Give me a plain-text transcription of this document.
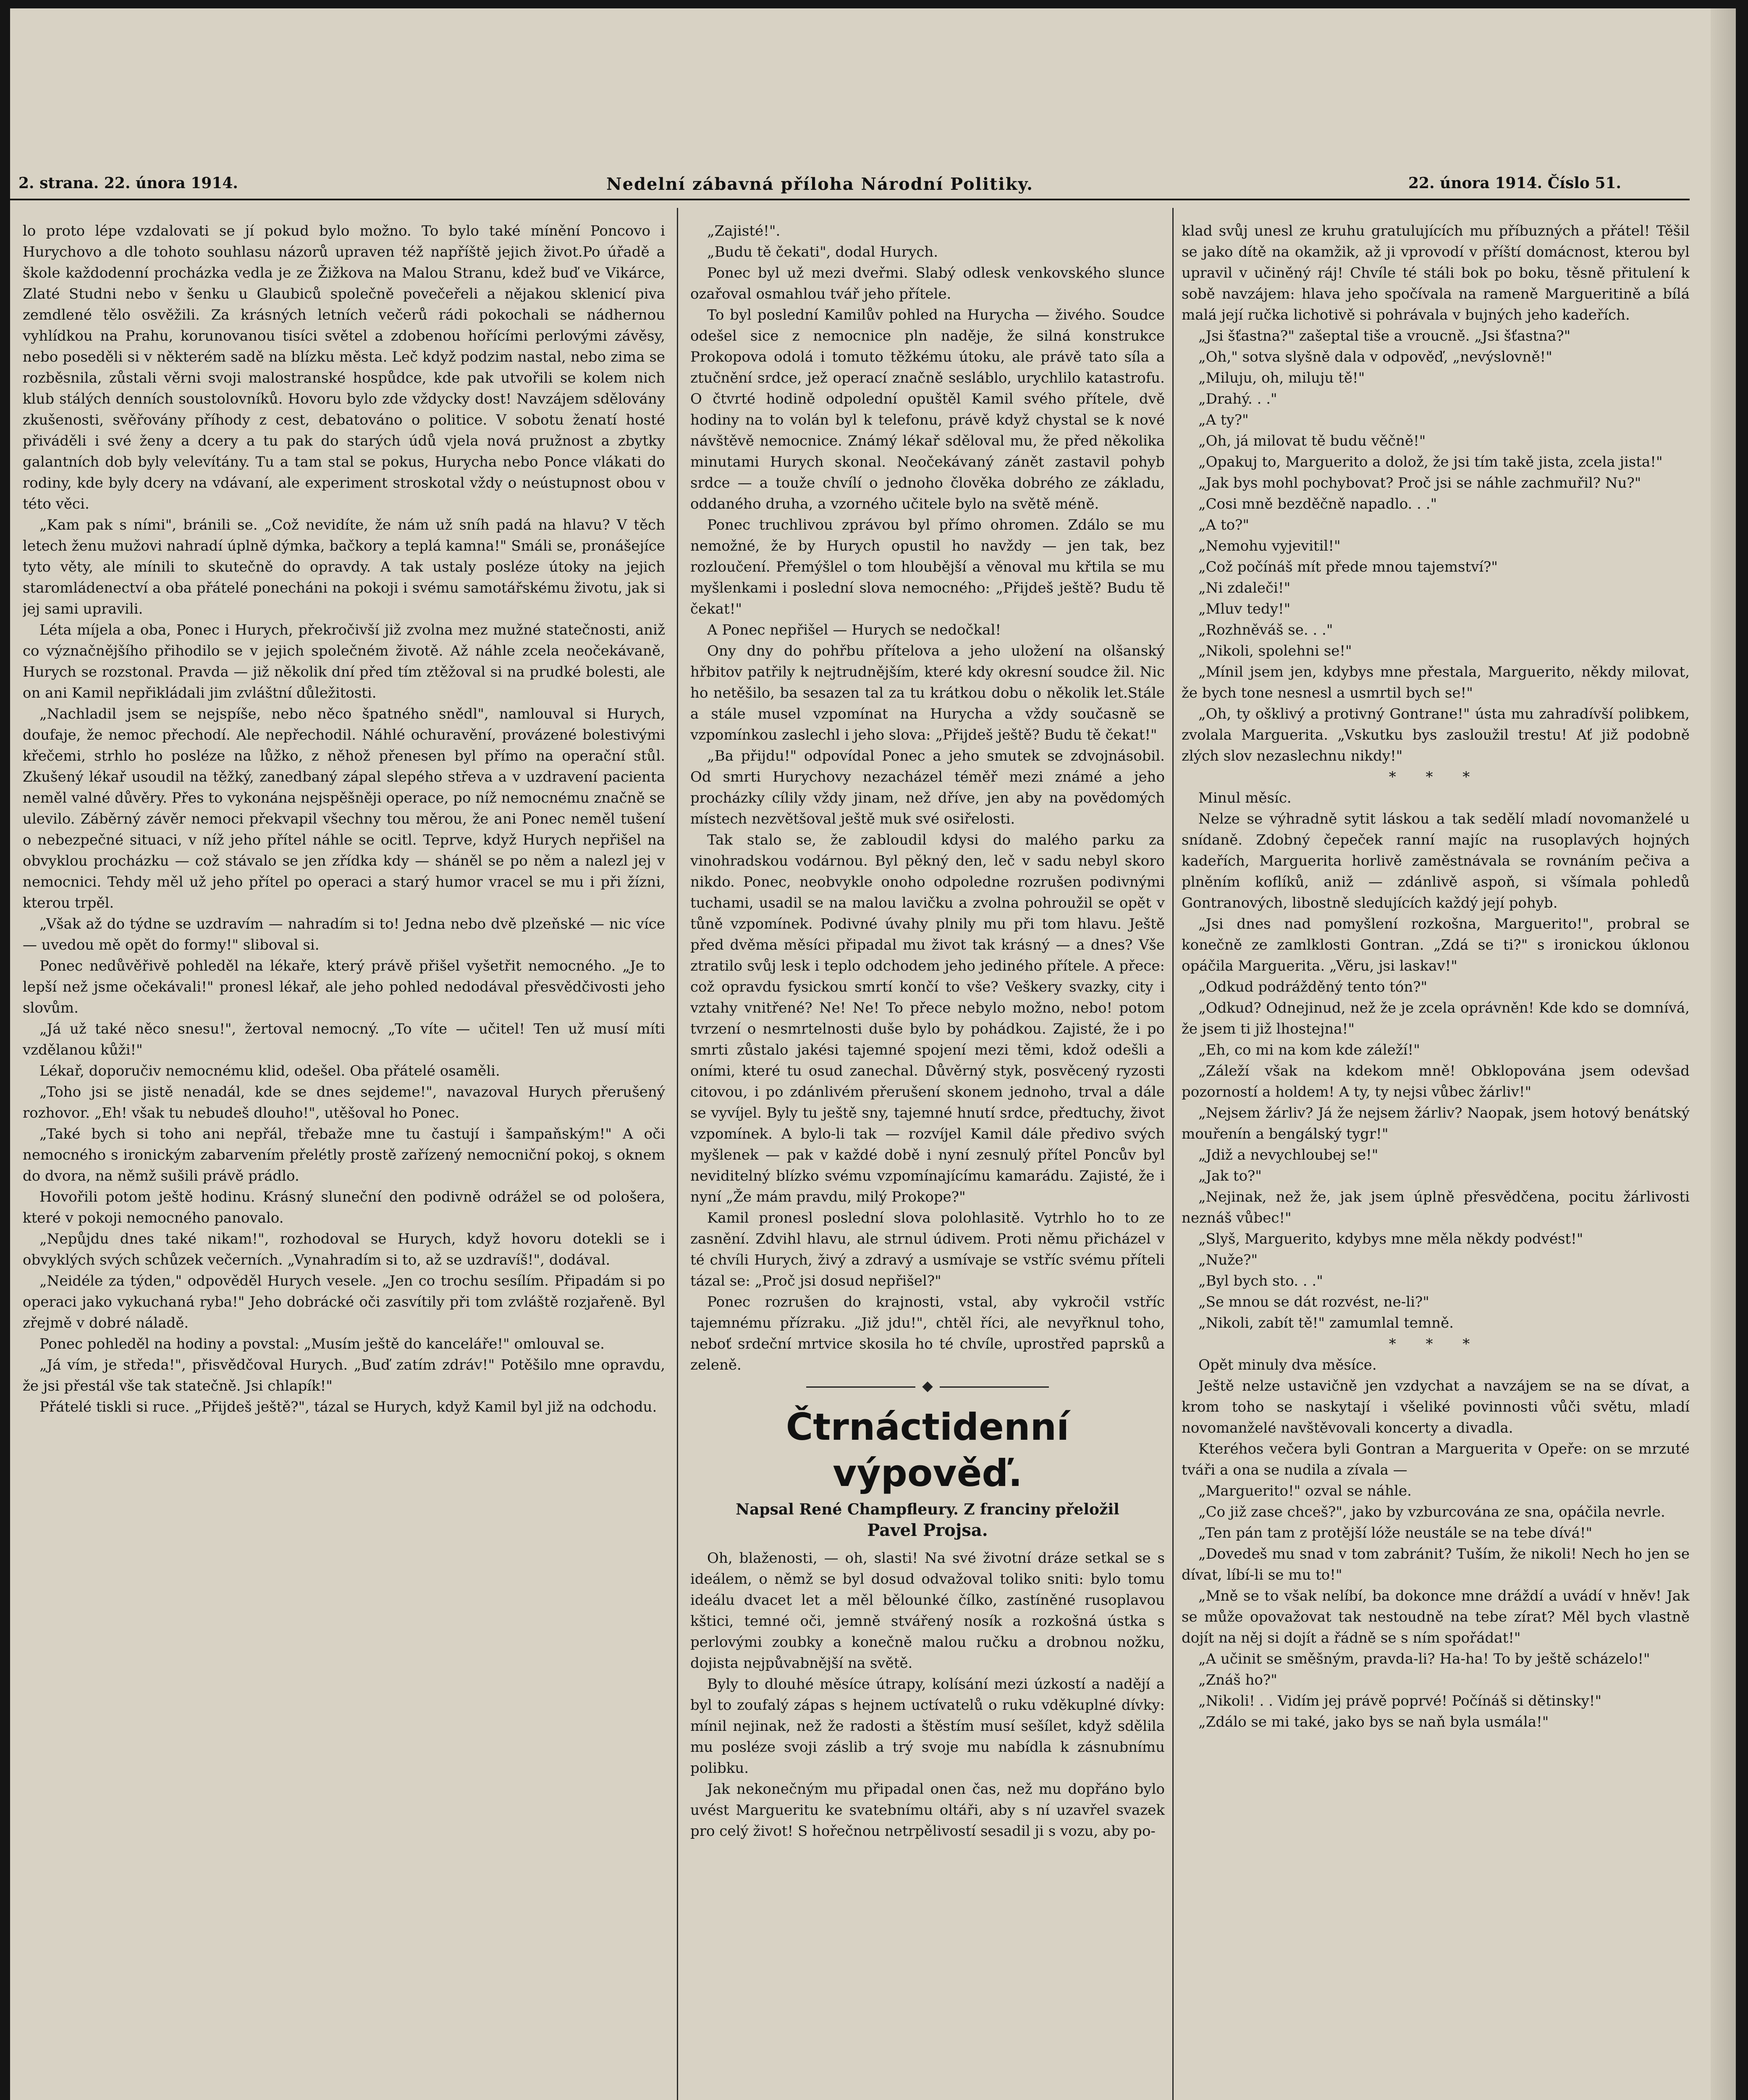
2. strana. 22. února 1914.	Nedelní zábavná příloha Národní Politiky.	22. února 1914. Číslo 51.

lo proto lépe vzdalovati se jí pokud bylo možno. To bylo také mínění Poncovo i Hurychovo a dle tohoto souhlasu názorů upraven též napříště jejich život.Po úřadě a škole každodenní procházka vedla je ze Žižkova na Malou Stranu, kdež buď ve Vikárce, Zlaté Studni nebo v šenku u Glaubiců společně povečeřeli a nějakou sklenicí piva zemdlené tělo osvěžili. Za krásných letních večerů rádi pokochali se nádhernou vyhlídkou na Prahu, korunovanou tisíci světel a zdobenou hořícími perlovými závěsy, nebo poseděli si v některém sadě na blízku města. Leč když podzim nastal, nebo zima se rozběsnila, zůstali věrni svoji malostranské hospůdce, kde pak utvořili se kolem nich klub stálých denních soustolovníků. Hovoru bylo zde vždycky dost! Navzájem sdělovány zkušenosti, svěřovány příhody z cest, debatováno o politice. V sobotu ženatí hosté přiváděli i své ženy a dcery a tu pak do starých údů vjela nová pružnost a zbytky galantních dob byly velevítány. Tu a tam stal se pokus, Hurycha nebo Ponce vlákati do rodiny, kde byly dcery na vdávaní, ale experiment stroskotal vždy o neústupnost obou v této věci.

„Kam pak s ními", bránili se. „Což nevidíte, že nám už sníh padá na hlavu? V těch letech ženu mužovi nahradí úplně dýmka, bačkory a teplá kamna!" Smáli se, pronášejíce tyto věty, ale mínili to skutečně do opravdy. A tak ustaly posléze útoky na jejich staromládenectví a oba přátelé ponecháni na pokoji i svému samotářskému životu, jak si jej sami upravili.

Léta míjela a oba, Ponec i Hurych, překročivší již zvolna mez mužné statečnosti, aniž co význačnějšího přihodilo se v jejich společném životě. Až náhle zcela neočekávaně, Hurych se rozstonal. Pravda — již několik dní před tím ztěžoval si na prudké bolesti, ale on ani Kamil nepřikládali jim zvláštní důležitosti.

„Nachladil jsem se nejspíše, nebo něco špatného snědl", namlouval si Hurych, doufaje, že nemoc přechodí. Ale nepřechodil. Náhlé ochuravění, provázené bolestivými křečemi, strhlo ho posléze na lůžko, z něhož přenesen byl přímo na operační stůl. Zkušený lékař usoudil na těžký, zanedbaný zápal slepého střeva a v uzdravení pacienta neměl valné důvěry. Přes to vykonána nejspěšněji operace, po níž nemocnému značně se ulevilo. Záběrný závěr nemoci překvapil všechny tou měrou, že ani Ponec neměl tušení o nebezpečné situaci, v níž jeho přítel náhle se ocitl. Teprve, když Hurych nepřišel na obvyklou procházku — což stávalo se jen zřídka kdy — sháněl se po něm a nalezl jej v nemocnici. Tehdy měl už jeho přítel po operaci a starý humor vracel se mu i při žízni, kterou trpěl.

„Však až do týdne se uzdravím — nahradím si to! Jedna nebo dvě plzeňské — nic více — uvedou mě opět do formy!" sliboval si.

Ponec nedůvěřivě pohleděl na lékaře, který právě přišel vyšetřit nemocného. „Je to lepší než jsme očekávali!" pronesl lékař, ale jeho pohled nedodával přesvědčivosti jeho slovům.

„Já už také něco snesu!", žertoval nemocný. „To víte — učitel! Ten už musí míti vzdělanou kůži!"

Lékař, doporučiv nemocnému klid, odešel. Oba přátelé osaměli.

„Toho jsi se jistě nenadál, kde se dnes sejdeme!", navazoval Hurych přerušený rozhovor. „Eh! však tu nebudeš dlouho!", utěšoval ho Ponec.

„Také bych si toho ani nepřál, třebaže mne tu častují i šampaňským!" A oči nemocného s ironickým zabarvením přelétly prostě zařízený nemocniční pokoj, s oknem do dvora, na němž sušili právě prádlo.

Hovořili potom ještě hodinu. Krásný sluneční den podivně odrážel se od pološera, které v pokoji nemocného panovalo.

„Nepůjdu dnes také nikam!", rozhodoval se Hurych, když hovoru dotekli se i obvyklých svých schůzek večerních. „Vynahradím si to, až se uzdravíš!", dodával.

„Neidéle za týden," odpověděl Hurych vesele. „Jen co trochu sesílím. Připadám si po operaci jako vykuchaná ryba!" Jeho dobrácké oči zasvítily při tom zvláště rozjařeně. Byl zřejmě v dobré náladě.

Ponec pohleděl na hodiny a povstal: „Musím ještě do kanceláře!" omlouval se.

„Já vím, je středa!", přisvědčoval Hurych. „Buď zatím zdráv!" Potěšilo mne opravdu, že jsi přestál vše tak statečně. Jsi chlapík!"

Přátelé tiskli si ruce. „Přijdeš ještě?", tázal se Hurych, když Kamil byl již na odchodu.

„Zajisté!".

„Budu tě čekati", dodal Hurych.

Ponec byl už mezi dveřmi. Slabý odlesk venkovského slunce ozařoval osmahlou tvář jeho přítele.

To byl poslední Kamilův pohled na Hurycha — živého. Soudce odešel sice z nemocnice pln naděje, že silná konstrukce Prokopova odolá i tomuto těžkému útoku, ale právě tato síla a ztučnění srdce, jež operací značně sesláblo, urychlilo katastrofu. O čtvrté hodině odpolední opuštěl Kamil svého přítele, dvě hodiny na to volán byl k telefonu, právě když chystal se k nové návštěvě nemocnice. Známý lékař sděloval mu, že před několika minutami Hurych skonal. Neočekávaný zánět zastavil pohyb srdce — a touže chvílí o jednoho člověka dobrého ze základu, oddaného druha, a vzorného učitele bylo na světě méně.

Ponec truchlivou zprávou byl přímo ohromen. Zdálo se mu nemožné, že by Hurych opustil ho navždy — jen tak, bez rozloučení. Přemýšlel o tom hloubější a věnoval mu křtila se mu myšlenkami i poslední slova nemocného: „Přijdeš ještě? Budu tě čekat!"

A Ponec nepřišel — Hurych se nedočkal!

Ony dny do pohřbu přítelova a jeho uložení na olšanský hřbitov patřily k nejtrudnějším, které kdy okresní soudce žil. Nic ho netěšilo, ba sesazen tal za tu krátkou dobu o několik let.Stále a stále musel vzpomínat na Hurycha a vždy současně se vzpomínkou zaslechl i jeho slova: „Přijdeš ještě? Budu tě čekat!"

„Ba přijdu!" odpovídal Ponec a jeho smutek se zdvojnásobil. Od smrti Hurychovy nezacházel téměř mezi známé a jeho procházky cílily vždy jinam, než dříve, jen aby na povědomých místech nezvětšoval ještě muk své osiřelosti.

Tak stalo se, že zabloudil kdysi do malého parku za vinohradskou vodárnou. Byl pěkný den, leč v sadu nebyl skoro nikdo. Ponec, neobvykle onoho odpoledne rozrušen podivnými tuchami, usadil se na malou lavičku a zvolna pohroužil se opět v tůně vzpomínek. Podivné úvahy plnily mu při tom hlavu. Ještě před dvěma měsíci připadal mu život tak krásný — a dnes? Vše ztratilo svůj lesk i teplo odchodem jeho jediného přítele. A přece: což opravdu fysickou smrtí končí to vše? Veškery svazky, city i vztahy vnitřené? Ne! Ne! To přece nebylo možno, nebo! potom tvrzení o nesmrtelnosti duše bylo by pohádkou. Zajisté, že i po smrti zůstalo jakési tajemné spojení mezi těmi, kdož odešli a oními, které tu osud zanechal. Důvěrný styk, posvěcený ryzosti citovou, i po zdánlivém přerušení skonem jednoho, trval a dále se vyvíjel. Byly tu ještě sny, tajemné hnutí srdce, předtuchy, život vzpomínek. A bylo-li tak — rozvíjel Kamil dále předivo svých myšlenek — pak v každé době i nyní zesnulý přítel Poncův byl neviditelný blízko svému vzpomínajícímu kamarádu. Zajisté, že i nyní „Že mám pravdu, milý Prokope?"

Kamil pronesl poslední slova polohlasitě. Vytrhlo ho to ze zasnění. Zdvihl hlavu, ale strnul údivem. Proti němu přicházel v té chvíli Hurych, živý a zdravý a usmívaje se vstříc svému příteli tázal se: „Proč jsi dosud nepřišel?"

Ponec rozrušen do krajnosti, vstal, aby vykročil vstříc tajemnému přízraku. „Již jdu!", chtěl říci, ale nevyřknul toho, neboť srdeční mrtvice skosila ho té chvíle, uprostřed paprsků a zeleně.

Čtrnáctidenní výpověď.

Napsal René Champfleury. Z franciny přeložil

Pavel Projsa.

Oh, blaženosti, — oh, slasti! Na své životní dráze setkal se s ideálem, o němž se byl dosud odvažoval toliko sniti: bylo tomu ideálu dvacet let a měl bělounké čílko, zastíněné rusoplavou kštici, temné oči, jemně stvářený nosík a rozkošná ústka s perlovými zoubky a konečně malou ručku a drobnou nožku, dojista nejpůvabnější na světě.

Byly to dlouhé měsíce útrapy, kolísání mezi úzkostí a nadějí a byl to zoufalý zápas s hejnem uctívatelů o ruku vděkuplné dívky: mínil nejinak, než že radosti a štěstím musí sešílet, když sdělila mu posléze svoji záslib a trý svoje mu nabídla k zásnubnímu polibku.

Jak nekonečným mu připadal onen čas, než mu dopřáno bylo uvést Margueritu ke svatebnímu oltáři, aby s ní uzavřel svazek pro celý život! S hořečnou netrpělivostí sesadil ji s vozu, aby po-

klad svůj unesl ze kruhu gratulujících mu příbuzných a přátel! Těšil se jako dítě na okamžik, až ji vprovodí v příští domácnost, kterou byl upravil v učiněný ráj! Chvíle té stáli bok po boku, těsně přitulení k sobě navzájem: hlava jeho spočívala na rameně Margueritině a bílá malá její ručka lichotivě si pohrávala v bujných jeho kadeřích.

„Jsi šťastna?" zašeptal tiše a vroucně. „Jsi šťastna?"

„Oh," sotva slyšně dala v odpověď, „nevýslovně!"

„Miluju, oh, miluju tě!"

„Drahý. . ."

„A ty?"

„Oh, já milovat tě budu věčně!"

„Opakuj to, Marguerito a dolož, že jsi tím takě jista, zcela jista!"

„Jak bys mohl pochybovat? Proč jsi se náhle zachmuřil? Nu?"

„Cosi mně bezděčně napadlo. . ."

„A to?"

„Nemohu vyjevitil!"

„Což počínáš mít přede mnou tajemství?"

„Ni zdaleči!"

„Mluv tedy!"

„Rozhněváš se. . ."

„Nikoli, spolehni se!"

„Mínil jsem jen, kdybys mne přestala, Marguerito, někdy milovat, že bych tone nesnesl a usmrtil bych se!"

„Oh, ty ošklivý a protivný Gontrane!" ústa mu zahradívší polibkem, zvolala Marguerita. „Vskutku bys zasloužil trestu! Ať již podobně zlých slov nezaslechnu nikdy!"

* * *

Minul měsíc.

Nelze se výhradně sytit láskou a tak sedělí mladí novomanželé u snídaně. Zdobný čepeček ranní majíc na rusoplavých hojných kadeřích, Marguerita horlivě zaměstnávala se rovnáním pečiva a plněním koflíků, aniž — zdánlivě aspoň, si všímala pohledů Gontranových, libostně sledujících každý její pohyb.

„Jsi dnes nad pomyšlení rozkošna, Marguerito!", probral se konečně ze zamlklosti Gontran. „Zdá se ti?" s ironickou úklonou opáčila Marguerita. „Věru, jsi laskav!"

„Odkud podrážděný tento tón?"

„Odkud? Odnejinud, než že je zcela oprávněn! Kde kdo se domnívá, že jsem ti již lhostejna!"

„Eh, co mi na kom kde záleží!"

„Záleží však na kdekom mně! Obklopována jsem odevšad pozorností a holdem! A ty, ty nejsi vůbec žárliv!"

„Nejsem žárliv? Já že nejsem žárliv? Naopak, jsem hotový benátský mouřenín a bengálský tygr!"

„Jdiž a nevychloubej se!"

„Jak to?"

„Nejinak, než že, jak jsem úplně přesvědčena, pocitu žárlivosti neznáš vůbec!"

„Slyš, Marguerito, kdybys mne měla někdy podvést!"

„Nuže?"

„Byl bych sto. . ."

„Se mnou se dát rozvést, ne-li?"

„Nikoli, zabít tě!" zamumlal temně.

* * *

Opět minuly dva měsíce.

Ještě nelze ustavičně jen vzdychat a navzájem se na se dívat, a krom toho se naskytají i všeliké povinnosti vůči světu, mladí novomanželé navštěvovali koncerty a divadla.

Kteréhos večera byli Gontran a Marguerita v Opeře: on se mrzuté tváři a ona se nudila a zívala —

„Marguerito!" ozval se náhle.

„Co již zase chceš?", jako by vzburcována ze sna, opáčila nevrle.

„Ten pán tam z protější lóže neustále se na tebe dívá!"

„Dovedeš mu snad v tom zabránit? Tuším, že nikoli! Nech ho jen se dívat, líbí-li se mu to!"

„Mně se to však nelíbí, ba dokonce mne dráždí a uvádí v hněv! Jak se může opovažovat tak nestoudně na tebe zírat? Měl bych vlastně dojít na něj si dojít a řádně se s ním spořádat!"

„A učinit se směšným, pravda-li? Ha-ha! To by ještě scházelo!"

„Znáš ho?"

„Nikoli! . . Vidím jej právě poprvé! Počínáš si dětinsky!"

„Zdálo se mi také, jako bys se naň byla usmála!"
